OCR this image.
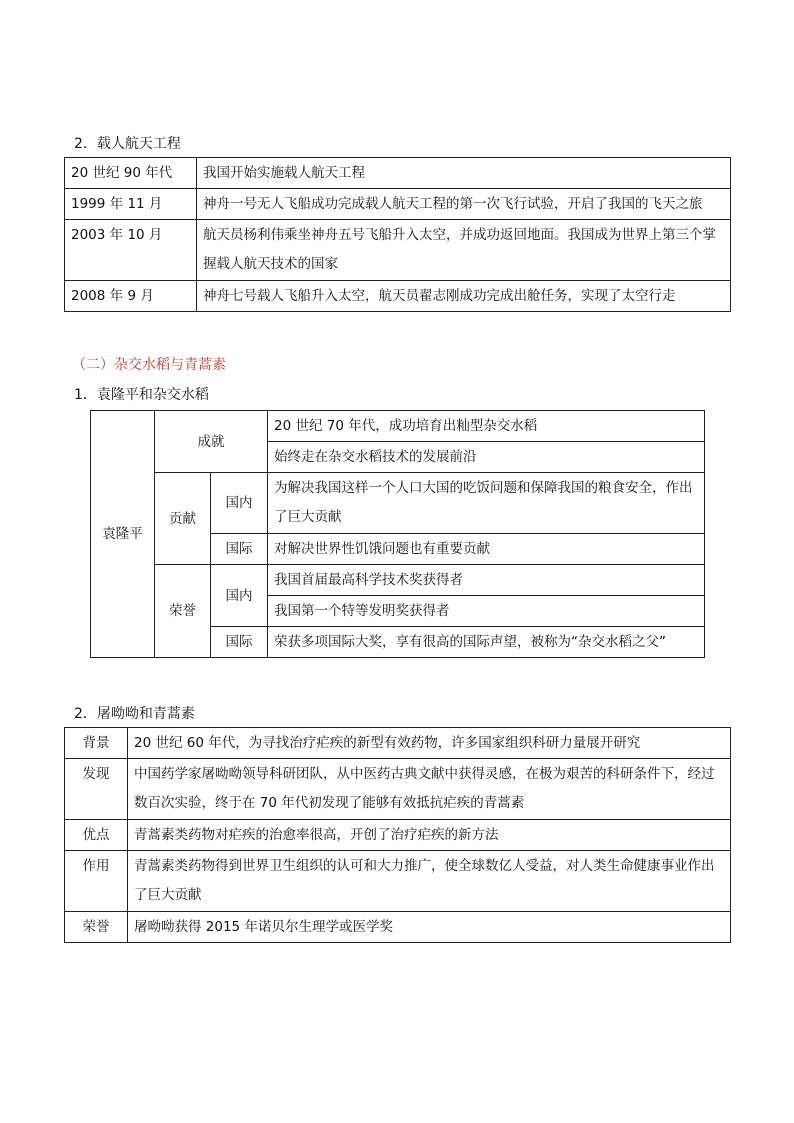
2．载人航天工程
20 世纪 90 年代	我国开始实施载人航天工程
1999 年 11 月	神舟一号无人飞船成功完成载人航天工程的第一次飞行试验，开启了我国的飞天之旅
2003 年 10 月	航天员杨利伟乘坐神舟五号飞船升入太空，并成功返回地面。我国成为世界上第三个掌握载人航天技术的国家
2008 年 9 月	神舟七号载人飞船升入太空，航天员翟志刚成功完成出舱任务，实现了太空行走
（二）杂交水稻与青蒿素
1．袁隆平和杂交水稻
袁隆平	成就		20 世纪 70 年代，成功培育出籼型杂交水稻
			始终走在杂交水稻技术的发展前沿
	贡献	国内	为解决我国这样一个人口大国的吃饭问题和保障我国的粮食安全，作出了巨大贡献

		国际	对解决世界性饥饿问题也有重要贡献
	荣誉	国内	我国首届最高科学技术奖获得者
			我国第一个特等发明奖获得者
		国际	荣获多项国际大奖，享有很高的国际声望，被称为“杂交水稻之父”
2．屠呦呦和青蒿素
背景	20 世纪 60 年代，为寻找治疗疟疾的新型有效药物，许多国家组织科研力量展开研究
发现	中国药学家屠呦呦领导科研团队，从中医药古典文献中获得灵感，在极为艰苦的科研条件下，经过数百次实验，终于在 70 年代初发现了能够有效抵抗疟疾的青蒿素
优点	青蒿素类药物对疟疾的治愈率很高，开创了治疗疟疾的新方法
作用	青蒿素类药物得到世界卫生组织的认可和大力推广，使全球数亿人受益，对人类生命健康事业作出了巨大贡献
荣誉	屠呦呦获得 2015 年诺贝尔生理学或医学奖
